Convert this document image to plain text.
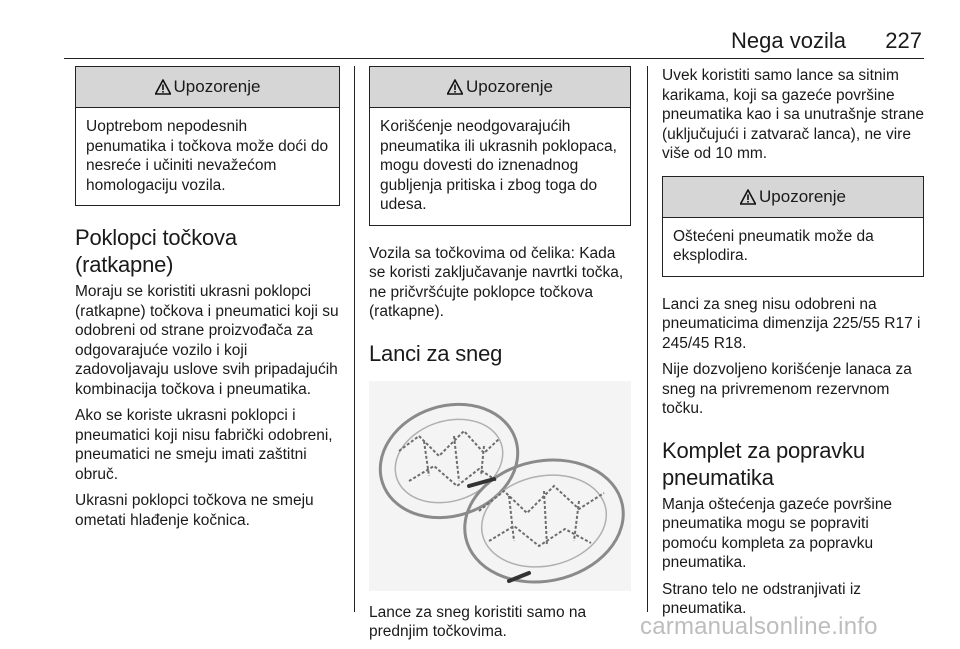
Nega vozila 227
Upozorenje
Uoptrebom nepodesnih penumatika i točkova može doći do nesreće i učiniti nevažećom homologaciju vozila.
Poklopci točkova (ratkapne)

Moraju se koristiti ukrasni poklopci (ratkapne) točkova i pneumatici koji su odobreni od strane proizvođača za odgovarajuće vozilo i koji zadovoljavaju uslove svih pripadajućih kombinacija točkova i pneumatika.

Ako se koriste ukrasni poklopci i pneumatici koji nisu fabrički odobreni, pneumatici ne smeju imati zaštitni obruč.

Ukrasni poklopci točkova ne smeju ometati hlađenje kočnica.

Upozorenje
Korišćenje neodgovarajućih pneumatika ili ukrasnih poklopaca, mogu dovesti do iznenadnog gubljenja pritiska i zbog toga do udesa.

Vozila sa točkovima od čelika: Kada se koristi zaključavanje navrtki točka, ne pričvršćujte poklopce točkova (ratkapne).

Lanci za sneg

Lance za sneg koristiti samo na prednjim točkovima.

Uvek koristiti samo lance sa sitnim karikama, koji sa gazeće površine pneumatika kao i sa unutrašnje strane (uključujući i zatvarač lanca), ne vire više od 10 mm.

Upozorenje
Oštećeni pneumatik može da eksplodira.

Lanci za sneg nisu odobreni na pneumaticima dimenzija 225/55 R17 i 245/45 R18.

Nije dozvoljeno korišćenje lanaca za sneg na privremenom rezervnom točku.

Komplet za popravku pneumatika

Manja oštećenja gazeće površine pneumatika mogu se popraviti pomoću kompleta za popravku pneumatika.

Strano telo ne odstranjivati iz pneumatika.

carmanualsonline.info
